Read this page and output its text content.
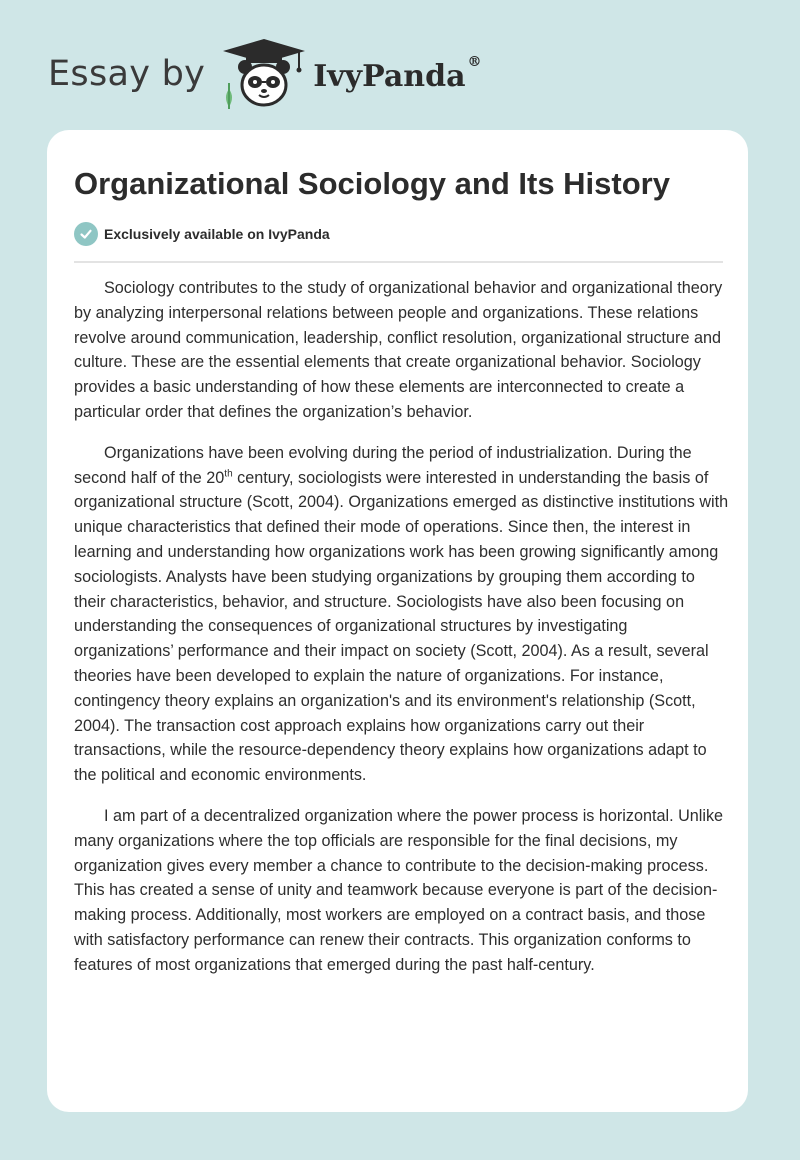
Essay by	IvyPanda ®
Organizational Sociology and Its History
Exclusively available on IvyPanda

Sociology contributes to the study of organizational behavior and organizational theory by analyzing interpersonal relations between people and organizations. These relations revolve around communication, leadership, conflict resolution, organizational structure and culture. These are the essential elements that create organizational behavior. Sociology provides a basic understanding of how these elements are interconnected to create a particular order that defines the organization’s behavior.

Organizations have been evolving during the period of industrialization. During the second half of the 20th century, sociologists were interested in understanding the basis of organizational structure (Scott, 2004). Organizations emerged as distinctive institutions with unique characteristics that defined their mode of operations. Since then, the interest in learning and understanding how organizations work has been growing significantly among sociologists. Analysts have been studying organizations by grouping them according to their characteristics, behavior, and structure. Sociologists have also been focusing on understanding the consequences of organizational structures by investigating organizations’ performance and their impact on society (Scott, 2004). As a result, several theories have been developed to explain the nature of organizations. For instance, contingency theory explains an organization's and its environment's relationship (Scott, 2004). The transaction cost approach explains how organizations carry out their transactions, while the resource-dependency theory explains how organizations adapt to the political and economic environments.

I am part of a decentralized organization where the power process is horizontal. Unlike many organizations where the top officials are responsible for the final decisions, my organization gives every member a chance to contribute to the decision-making process. This has created a sense of unity and teamwork because everyone is part of the decision-making process. Additionally, most workers are employed on a contract basis, and those with satisfactory performance can renew their contracts. This organization conforms to features of most organizations that emerged during the past half-century.
